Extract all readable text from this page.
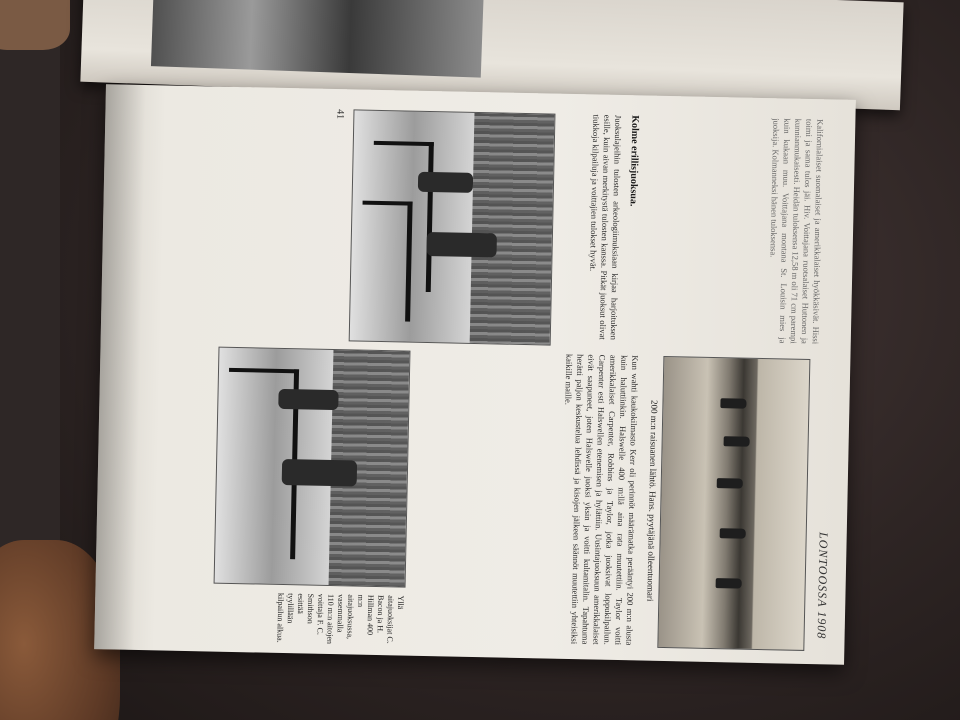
LONTOOSSA 1908
200 m:n raisuanen lähtö. Hans. pyytäjänä olleentuomari
Kalifornialaiset suomalaiset ja amerikkalaiset hyökkäsivät. Hissi toimi ja sama tulos jäi. Hiv. Voittajana ruotsalaiset Huttonen ja kunnianmukaisesti. Heidän tuloksensa 12,58 m oli 71 cm parempi kuin kukaan muu. Voittajana montana St. Louisin mies ja juoksija. Kolmanneksi hänen tuloksensa.
Kolme erillisjuoksua.
Juoksulajeihin tulosten arkeologiimuksiaan kirjaa harjoituksen esille, kuin aivan merkitystä tulosten kanssa. Pitkät juoksut olivat tiukkoja kilpailuja ja voittajien tulokset hyvät.
Kun wahti kaukokilmasto Kerr oli perinnöt määrämatka perääntyi 200 m:n alusta kuin haluttiinkin. Halswelle 400 m:llä aina rata muutettiin. Taylor voitti amerikkalaiset Carpenter, Robbins ja Taylor, jotka juoksivat loppukilpailun. Carpenter esti Halswellen etenemisen ja hylättiin. Uusintajuoksuun amerikkalaiset eivät saapuneet, joten Halswelle juoksi yksin ja voitti kultamitalin. Tapahtuma herätti paljon keskustelua lehdissä ja kisojen jälkeen säännöt muutettiin yhteisiksi kaikille maille.
Yllä aitajuoksijat C. Bacon ja H. Hillman 400 m:n aitajuoksussa, vasemmalla 110 m:n aitojen voittaja F. C. Smithson esittää tyylillään kilpailun alkua.
41
